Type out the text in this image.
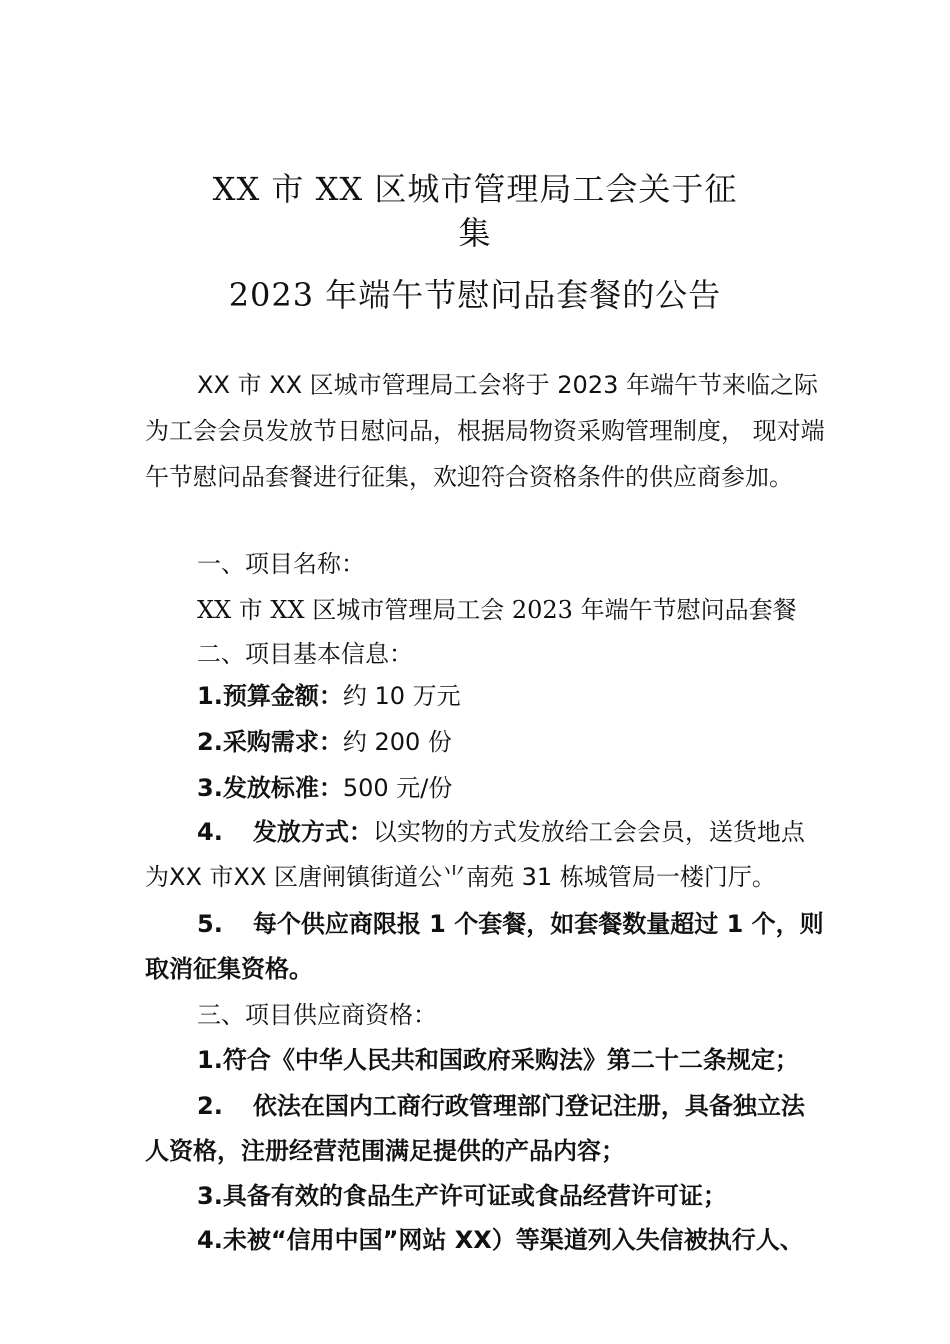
XX 市 XX 区城市管理局工会关于征
集
2023 年端午节慰问品套餐的公告
XX 市 XX 区城市管理局工会将于 2023 年端午节来临之际为工会会员发放节日慰问品，根据局物资采购管理制度， 现对端午节慰问品套餐进行征集，欢迎符合资格条件的供应商参加。
一、项目名称：
XX 市 XX 区城市管理局工会 2023 年端午节慰问品套餐
二、项目基本信息：
1.预算金额：约 10 万元
2.采购需求：约 200 份
3.发放标准：500 元/份
4. 发放方式：以实物的方式发放给工会会员，送货地点为XX 市XX 区唐闸镇街道公⺌南苑 31 栋城管局一楼门厅。
5. 每个供应商限报 1 个套餐，如套餐数量超过 1 个，则取消征集资格。
三、项目供应商资格：
1.符合《中华人民共和国政府采购法》第二十二条规定；
2. 依法在国内工商行政管理部门登记注册，具备独立法人资格，注册经营范围满足提供的产品内容；
3.具备有效的食品生产许可证或食品经营许可证；
4.未被“信用中国”网站 XX）等渠道列入失信被执行人、
